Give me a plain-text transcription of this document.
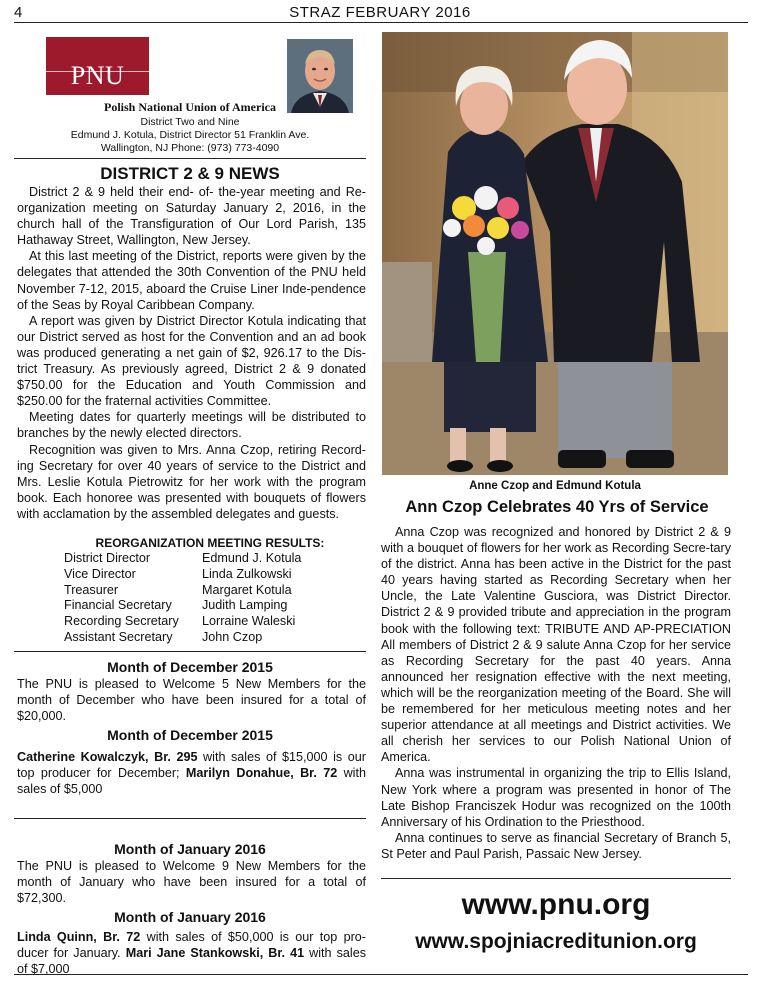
4	STRAZ FEBRUARY 2016
PNU
Polish National Union of America
District Two and Nine
Edmund J. Kotula, District Director 51 Franklin Ave.
Wallington, NJ Phone: (973) 773-4090
DISTRICT 2 & 9 NEWS

District 2 & 9 held their end- of- the-year meeting and Re-organization meeting on Saturday January 2, 2016, in the church hall of the Transfiguration of Our Lord Parish, 135 Hathaway Street, Wallington, New Jersey.

At this last meeting of the District, reports were given by the delegates that attended the 30th Convention of the PNU held November 7-12, 2015, aboard the Cruise Liner Inde-pendence of the Seas by Royal Caribbean Company.

A report was given by District Director Kotula indicating that our District served as host for the Convention and an ad book was produced generating a net gain of $2, 926.17 to the Dis-trict Treasury. As previously agreed, District 2 & 9 donated $750.00 for the Education and Youth Commission and $250.00 for the fraternal activities Committee.

Meeting dates for quarterly meetings will be distributed to branches by the newly elected directors.

Recognition was given to Mrs. Anna Czop, retiring Record-ing Secretary for over 40 years of service to the District and Mrs. Leslie Kotula Pietrowitz for her work with the program book. Each honoree was presented with bouquets of flowers with acclamation by the assembled delegates and guests.

REORGANIZATION MEETING RESULTS:
District Director	Edmund J. Kotula
Vice Director	Linda Zulkowski
Treasurer	Margaret Kotula
Financial Secretary	Judith Lamping
Recording Secretary	Lorraine Waleski
Assistant Secretary	John Czop
Month of December 2015

The PNU is pleased to Welcome 5 New Members for the month of December who have been insured for a total of $20,000.

Month of December 2015

Catherine Kowalczyk, Br. 295 with sales of $15,000 is our top producer for December; Marilyn Donahue, Br. 72 with sales of $5,000

Month of January 2016

The PNU is pleased to Welcome 9 New Members for the month of January who have been insured for a total of $72,300.

Month of January 2016

Linda Quinn, Br. 72 with sales of $50,000 is our top pro-ducer for January. Mari Jane Stankowski, Br. 41 with sales of $7,000

Anne Czop and Edmund Kotula
Ann Czop Celebrates 40 Yrs of Service

Anna Czop was recognized and honored by District 2 & 9 with a bouquet of flowers for her work as Recording Secre-tary of the district. Anna has been active in the District for the past 40 years having started as Recording Secretary when her Uncle, the Late Valentine Gusciora, was District Director. District 2 & 9 provided tribute and appreciation in the program book with the following text: TRIBUTE AND AP-PRECIATION All members of District 2 & 9 salute Anna Czop for her service as Recording Secretary for the past 40 years. Anna announced her resignation effective with the next meeting, which will be the reorganization meeting of the Board. She will be remembered for her meticulous meeting notes and her superior attendance at all meetings and District activities. We all cherish her services to our Polish National Union of America.

Anna was instrumental in organizing the trip to Ellis Island, New York where a program was presented in honor of The Late Bishop Franciszek Hodur was recognized on the 100th Anniversary of his Ordination to the Priesthood.

Anna continues to serve as financial Secretary of Branch 5, St Peter and Paul Parish, Passaic New Jersey.

www.pnu.org
www.spojniacreditunion.org
